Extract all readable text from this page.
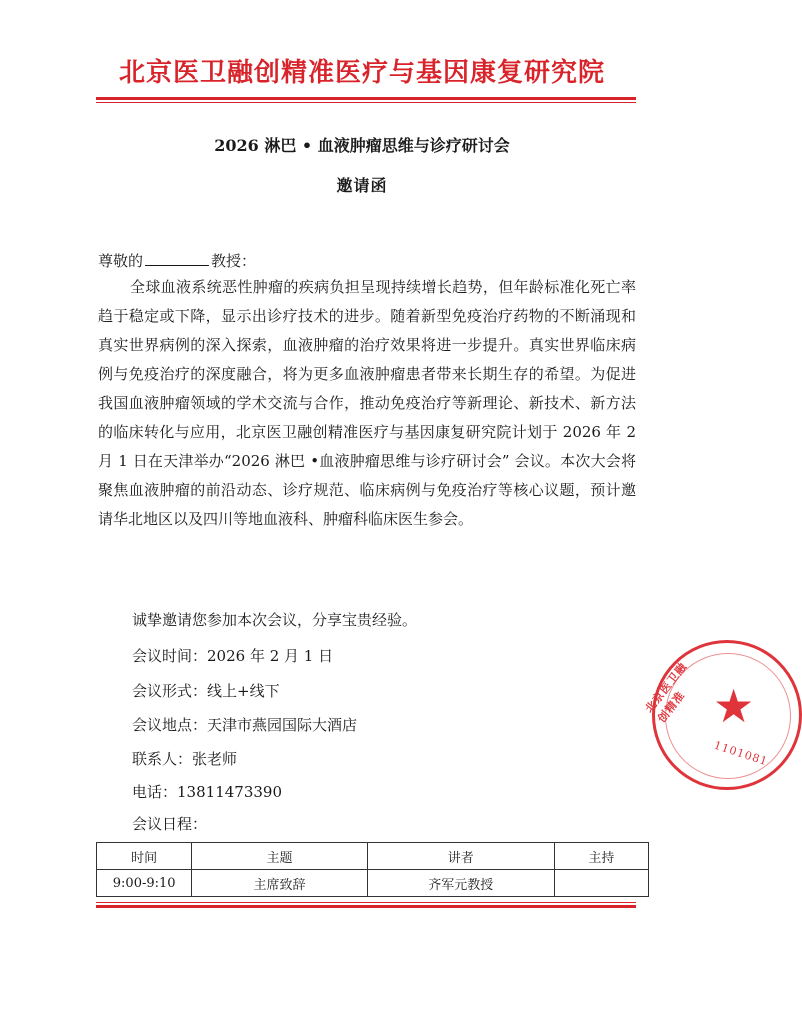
北京医卫融创精准医疗与基因康复研究院
2026 淋巴 • 血液肿瘤思维与诊疗研讨会
邀请函
尊敬的	教授：
全球血液系统恶性肿瘤的疾病负担呈现持续增长趋势，但年龄标准化死亡率趋于稳定或下降，显示出诊疗技术的进步。随着新型免疫治疗药物的不断涌现和真实世界病例的深入探索，血液肿瘤的治疗效果将进一步提升。真实世界临床病例与免疫治疗的深度融合，将为更多血液肿瘤患者带来长期生存的希望。为促进我国血液肿瘤领域的学术交流与合作，推动免疫治疗等新理论、新技术、新方法的临床转化与应用，北京医卫融创精准医疗与基因康复研究院计划于 2026 年 2 月 1 日在天津举办“2026 淋巴 •血液肿瘤思维与诊疗研讨会” 会议。本次大会将聚焦血液肿瘤的前沿动态、诊疗规范、临床病例与免疫治疗等核心议题，预计邀请华北地区以及四川等地血液科、肿瘤科临床医生参会。
诚挚邀请您参加本次会议，分享宝贵经验。
会议时间：2026 年 2 月 1 日
会议形式：线上+线下
会议地点：天津市燕园国际大酒店
联系人：张老师
电话：13811473390
会议日程：
时间	主题	讲者	主持
9:00-9:10	主席致辞	齐军元教授	
北京医卫融创精准 ★
1101081
